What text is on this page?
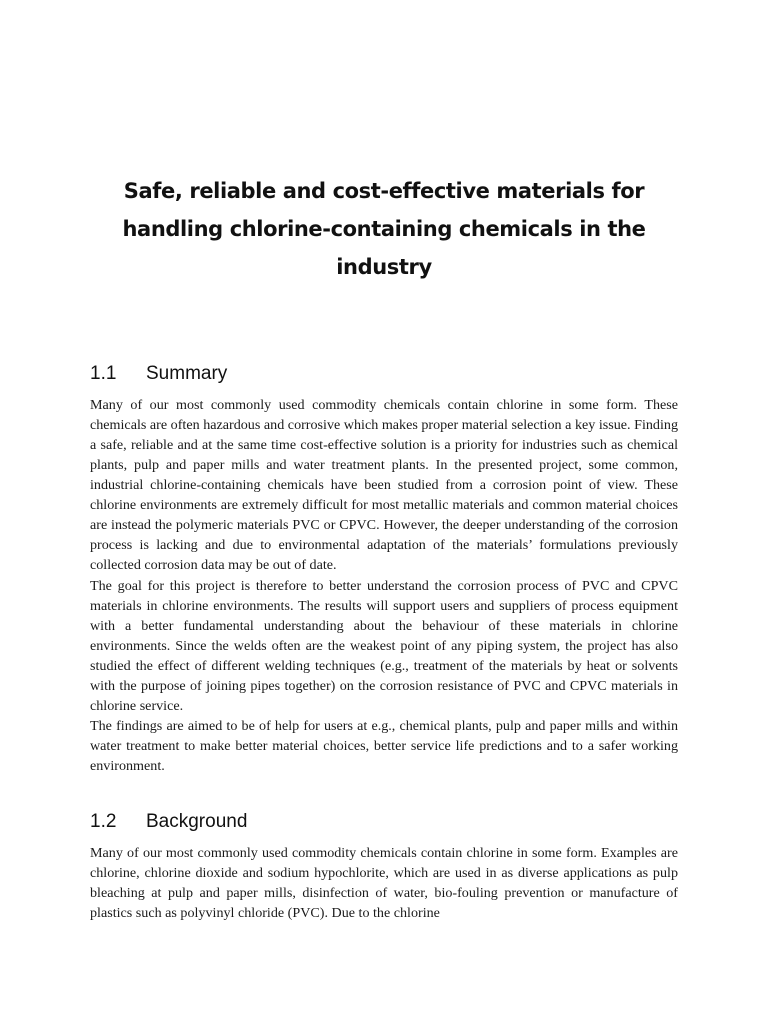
Safe, reliable and cost-effective materials for handling chlorine-containing chemicals in the industry
1.1 Summary

Many of our most commonly used commodity chemicals contain chlorine in some form. These chemicals are often hazardous and corrosive which makes proper material selection a key issue. Finding a safe, reliable and at the same time cost-effective solution is a priority for industries such as chemical plants, pulp and paper mills and water treatment plants. In the presented project, some common, industrial chlorine-containing chemicals have been studied from a corrosion point of view. These chlorine environments are extremely difficult for most metallic materials and common material choices are instead the polymeric materials PVC or CPVC. However, the deeper understanding of the corrosion process is lacking and due to environmental adaptation of the materials’ formulations previously collected corrosion data may be out of date.

The goal for this project is therefore to better understand the corrosion process of PVC and CPVC materials in chlorine environments. The results will support users and suppliers of process equipment with a better fundamental understanding about the behaviour of these materials in chlorine environments. Since the welds often are the weakest point of any piping system, the project has also studied the effect of different welding techniques (e.g., treatment of the materials by heat or solvents with the purpose of joining pipes together) on the corrosion resistance of PVC and CPVC materials in chlorine service.

The findings are aimed to be of help for users at e.g., chemical plants, pulp and paper mills and within water treatment to make better material choices, better service life predictions and to a safer working environment.

1.2 Background

Many of our most commonly used commodity chemicals contain chlorine in some form. Examples are chlorine, chlorine dioxide and sodium hypochlorite, which are used in as diverse applications as pulp bleaching at pulp and paper mills, disinfection of water, bio-fouling prevention or manufacture of plastics such as polyvinyl chloride (PVC). Due to the chlorine
